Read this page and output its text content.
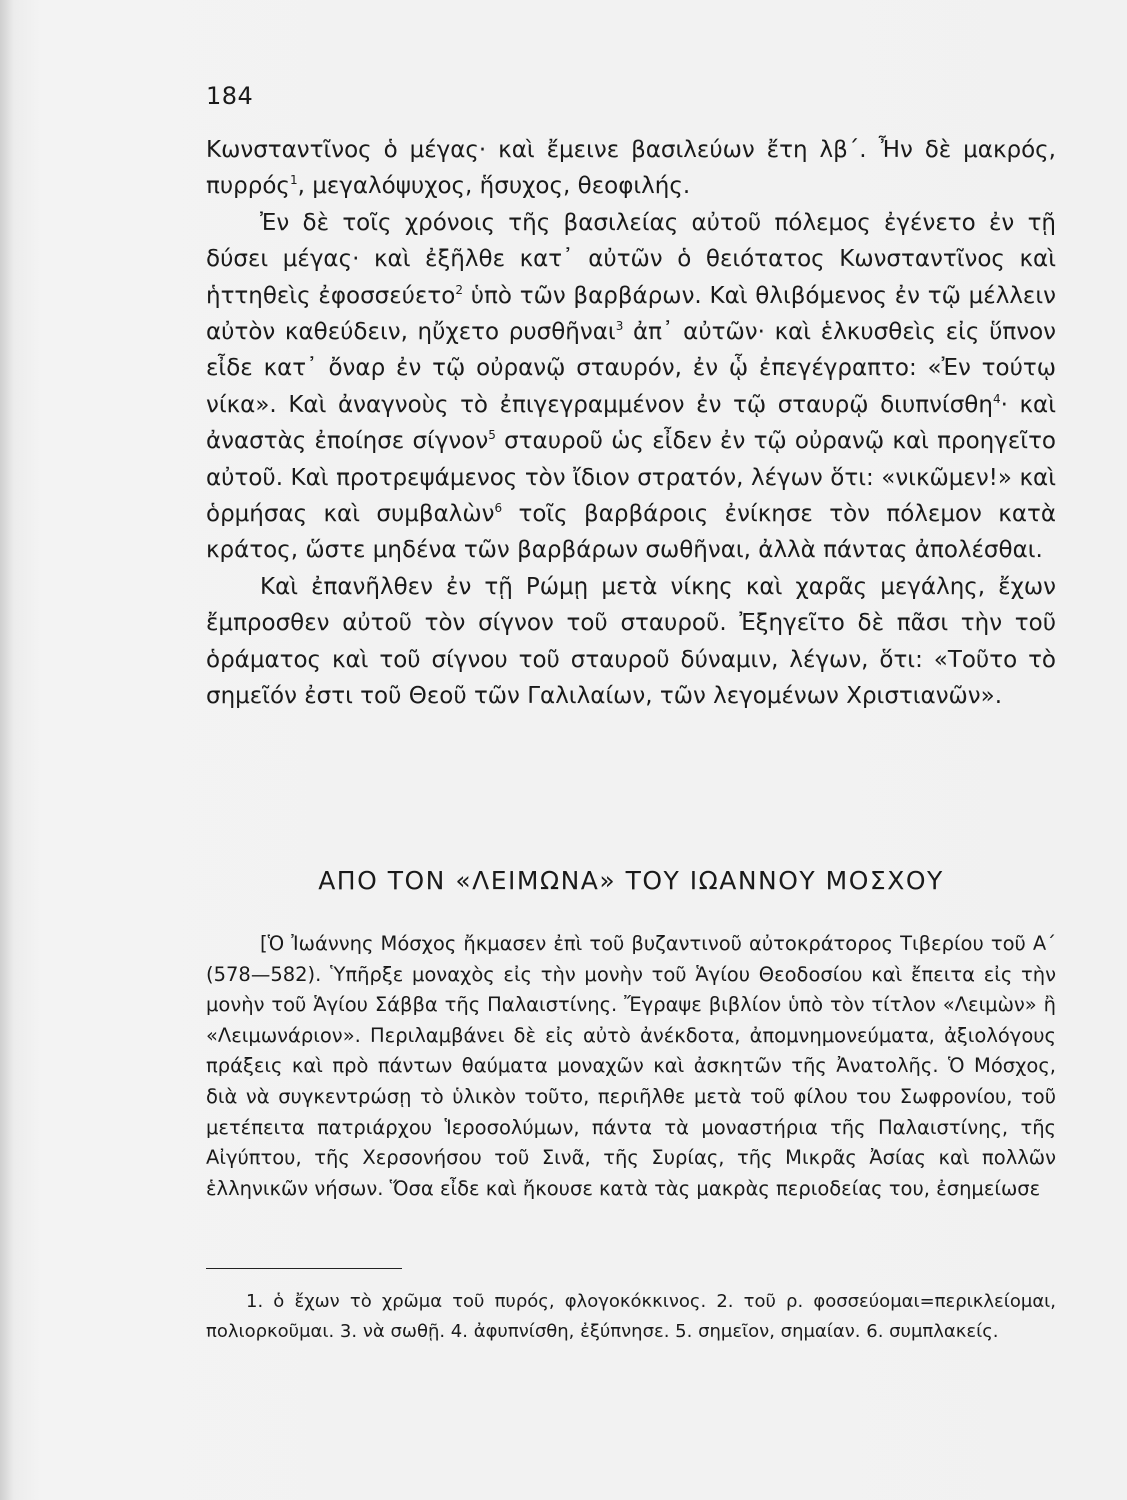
184

Κωνσταντῖνος ὁ μέγας· καὶ ἔμεινε βασιλεύων ἔτη λβ΄. Ἦν δὲ μακρός, πυρρός$^1$, μεγαλόψυχος, ἥσυχος, θεοφιλής.

Ἐν δὲ τοῖς χρόνοις τῆς βασιλείας αὐτοῦ πόλεμος ἐγένετο ἐν τῇ δύσει μέγας· καὶ ἐξῆλθε κατ᾽ αὐτῶν ὁ θειότατος Κωνσταντῖνος καὶ ἡττηθεὶς ἐφοσσεύετο$^2$ ὑπὸ τῶν βαρβάρων. Καὶ θλιβόμενος ἐν τῷ μέλλειν αὐτὸν καθεύδειν, ηὔχετο ρυσθῆναι$^3$ ἀπ᾽ αὐτῶν· καὶ ἑλκυσθεὶς εἰς ὕπνον εἶδε κατ᾽ ὄναρ ἐν τῷ οὐρανῷ σταυρόν, ἐν ᾧ ἐπεγέγραπτο: «Ἐν τούτῳ νίκα». Καὶ ἀναγνοὺς τὸ ἐπιγεγραμμένον ἐν τῷ σταυρῷ διυπνίσθη$^4$· καὶ ἀναστὰς ἐποίησε σίγνον$^5$ σταυροῦ ὡς εἶδεν ἐν τῷ οὐρανῷ καὶ προηγεῖτο αὐτοῦ. Καὶ προτρεψάμενος τὸν ἴδιον στρατόν, λέγων ὅτι: «νικῶμεν!» καὶ ὁρμήσας καὶ συμβαλὼν$^6$ τοῖς βαρβάροις ἐνίκησε τὸν πόλεμον κατὰ κράτος, ὥστε μηδένα τῶν βαρβάρων σωθῆναι, ἀλλὰ πάντας ἀπολέσθαι.

Καὶ ἐπανῆλθεν ἐν τῇ Ρώμῃ μετὰ νίκης καὶ χαρᾶς μεγάλης, ἔχων ἔμπροσθεν αὐτοῦ τὸν σίγνον τοῦ σταυροῦ. Ἐξηγεῖτο δὲ πᾶσι τὴν τοῦ ὁράματος καὶ τοῦ σίγνου τοῦ σταυροῦ δύναμιν, λέγων, ὅτι: «Τοῦτο τὸ σημεῖόν ἐστι τοῦ Θεοῦ τῶν Γαλιλαίων, τῶν λεγομένων Χριστιανῶν».

ΑΠΟ ΤΟΝ «ΛΕΙΜΩΝΑ» ΤΟΥ ΙΩΑΝΝΟΥ ΜΟΣΧΟΥ

[Ὁ Ἰωάννης Μόσχος ἤκμασεν ἐπὶ τοῦ βυζαντινοῦ αὐτοκράτορος Τιβερίου τοῦ Α΄ (578—582). Ὑπῆρξε μοναχὸς εἰς τὴν μονὴν τοῦ Ἁγίου Θεοδοσίου καὶ ἔπειτα εἰς τὴν μονὴν τοῦ Ἁγίου Σάββα τῆς Παλαιστίνης. Ἔγραψε βιβλίον ὑπὸ τὸν τίτλον «Λειμὼν» ἢ «Λειμωνάριον». Περιλαμβάνει δὲ εἰς αὐτὸ ἀνέκδοτα, ἀπομνημονεύματα, ἀξιολόγους πράξεις καὶ πρὸ πάντων θαύματα μοναχῶν καὶ ἀσκητῶν τῆς Ἀνατολῆς. Ὁ Μόσχος, διὰ νὰ συγκεντρώσῃ τὸ ὑλικὸν τοῦτο, περιῆλθε μετὰ τοῦ φίλου του Σωφρονίου, τοῦ μετέπειτα πατριάρχου Ἱεροσολύμων, πάντα τὰ μοναστήρια τῆς Παλαιστίνης, τῆς Αἰγύπτου, τῆς Χερσονήσου τοῦ Σινᾶ, τῆς Συρίας, τῆς Μικρᾶς Ἀσίας καὶ πολλῶν ἑλληνικῶν νήσων. Ὅσα εἶδε καὶ ἤκουσε κατὰ τὰς μακρὰς περιοδείας του, ἐσημείωσε

1. ὁ ἔχων τὸ χρῶμα τοῦ πυρός, φλογοκόκκινος. 2. τοῦ ρ. φοσσεύομαι=περικλείομαι, πολιορκοῦμαι. 3. νὰ σωθῇ. 4. ἀφυπνίσθη, ἐξύπνησε. 5. σημεῖον, σημαίαν. 6. συμπλακείς.
